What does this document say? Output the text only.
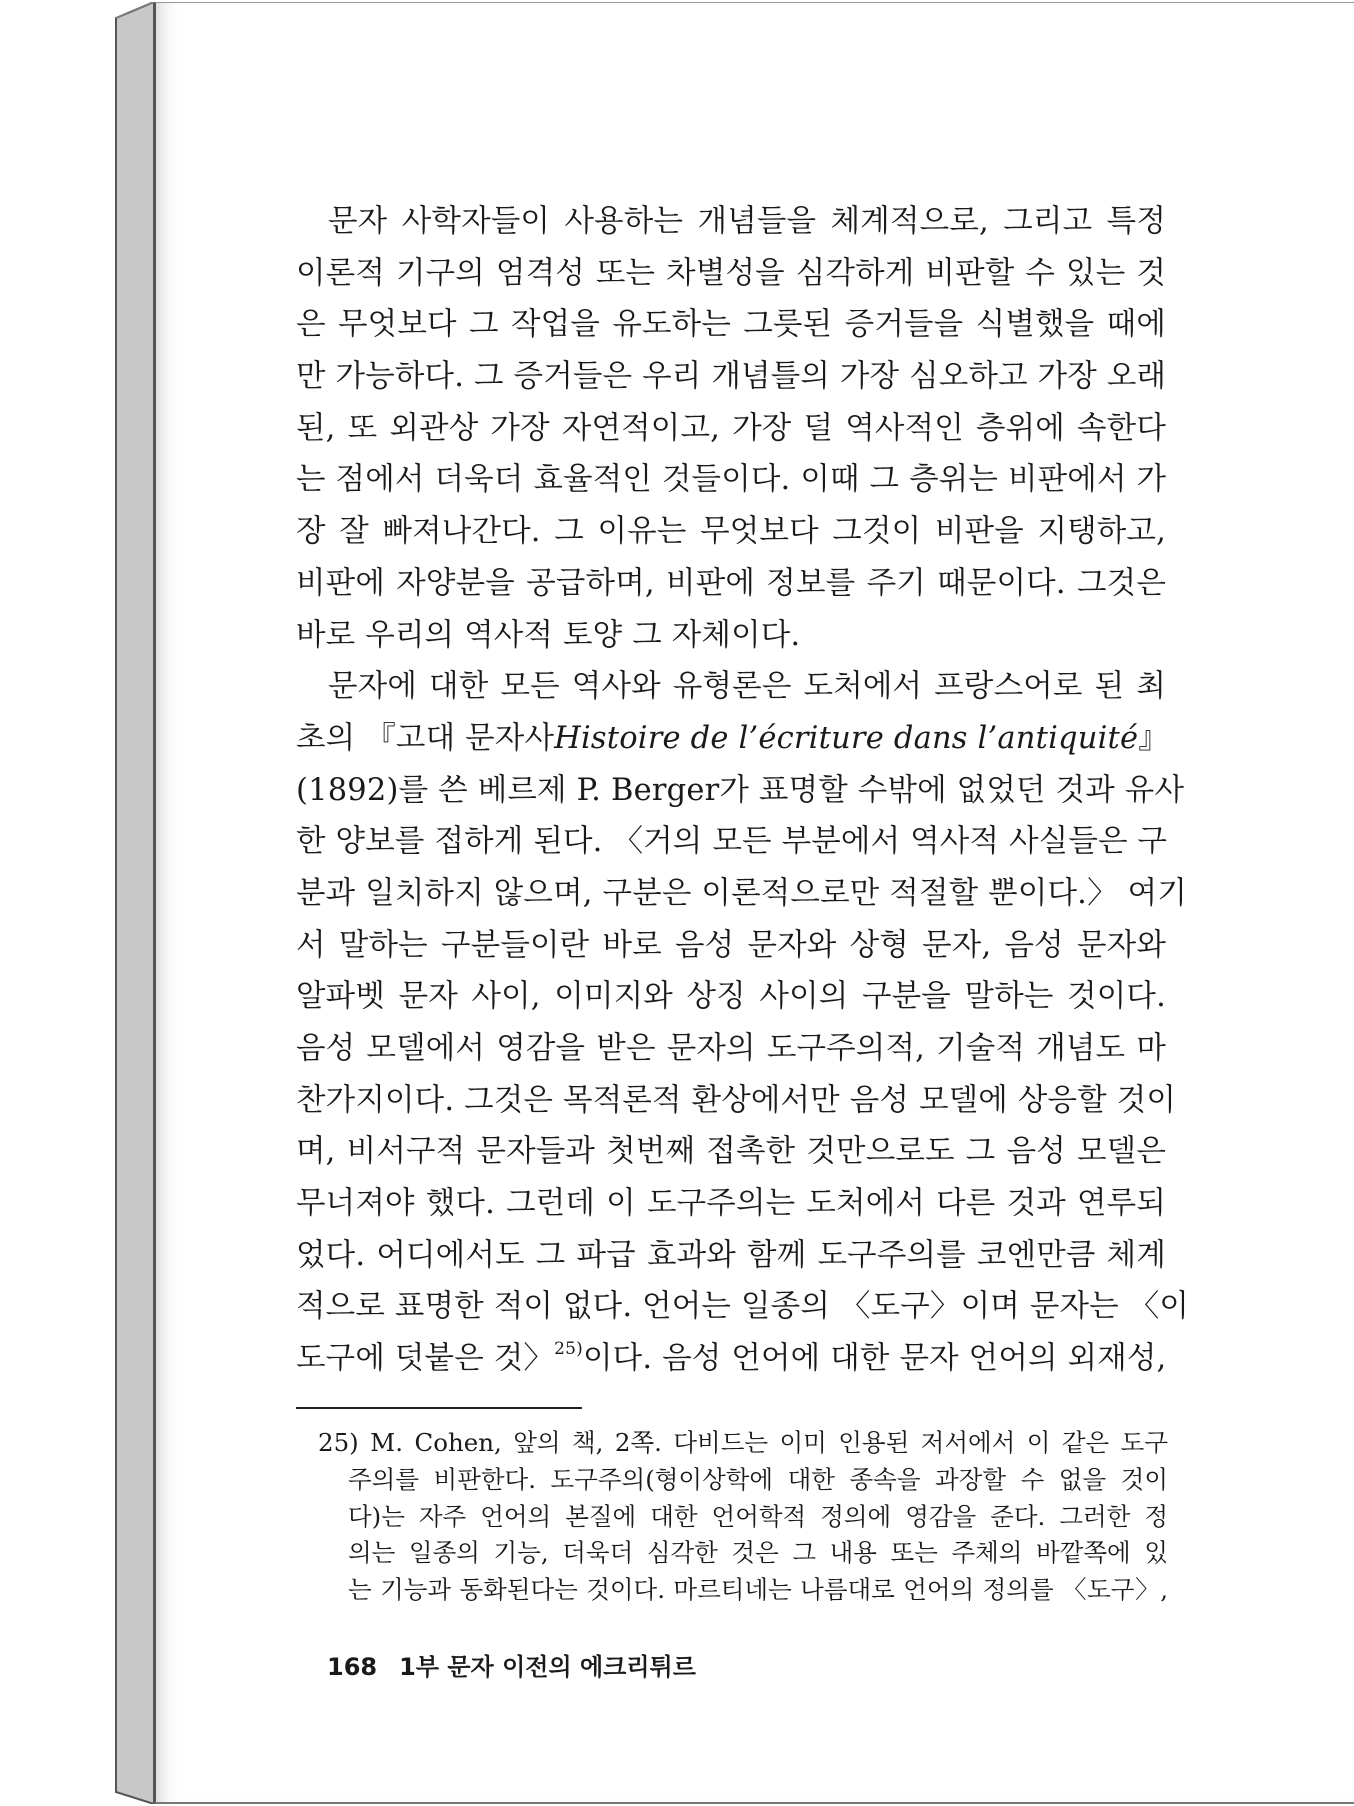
문자 사학자들이 사용하는 개념들을 체계적으로, 그리고 특정
이론적 기구의 엄격성 또는 차별성을 심각하게 비판할 수 있는 것
은 무엇보다 그 작업을 유도하는 그릇된 증거들을 식별했을 때에
만 가능하다. 그 증거들은 우리 개념틀의 가장 심오하고 가장 오래
된, 또 외관상 가장 자연적이고, 가장 덜 역사적인 층위에 속한다
는 점에서 더욱더 효율적인 것들이다. 이때 그 층위는 비판에서 가
장 잘 빠져나간다. 그 이유는 무엇보다 그것이 비판을 지탱하고,
비판에 자양분을 공급하며, 비판에 정보를 주기 때문이다. 그것은
바로 우리의 역사적 토양 그 자체이다.
문자에 대한 모든 역사와 유형론은 도처에서 프랑스어로 된 최
초의 『고대 문자사Histoire de l’écriture dans l’antiquité』
(1892)를 쓴 베르제 P. Berger가 표명할 수밖에 없었던 것과 유사
한 양보를 접하게 된다. 〈거의 모든 부분에서 역사적 사실들은 구
분과 일치하지 않으며, 구분은 이론적으로만 적절할 뿐이다.〉 여기
서 말하는 구분들이란 바로 음성 문자와 상형 문자, 음성 문자와
알파벳 문자 사이, 이미지와 상징 사이의 구분을 말하는 것이다.
음성 모델에서 영감을 받은 문자의 도구주의적, 기술적 개념도 마
찬가지이다. 그것은 목적론적 환상에서만 음성 모델에 상응할 것이
며, 비서구적 문자들과 첫번째 접촉한 것만으로도 그 음성 모델은
무너져야 했다. 그런데 이 도구주의는 도처에서 다른 것과 연루되
었다. 어디에서도 그 파급 효과와 함께 도구주의를 코엔만큼 체계
적으로 표명한 적이 없다. 언어는 일종의 〈도구〉이며 문자는 〈이
도구에 덧붙은 것〉$^{25)}$이다. 음성 언어에 대한 문자 언어의 외재성,
25) M. Cohen, 앞의 책, 2쪽. 다비드는 이미 인용된 저서에서 이 같은 도구
주의를 비판한다. 도구주의(형이상학에 대한 종속을 과장할 수 없을 것이
다)는 자주 언어의 본질에 대한 언어학적 정의에 영감을 준다. 그러한 정
의는 일종의 기능, 더욱더 심각한 것은 그 내용 또는 주체의 바깥쪽에 있
는 기능과 동화된다는 것이다. 마르티네는 나름대로 언어의 정의를 〈도구〉,
168 1부 문자 이전의 에크리튀르
